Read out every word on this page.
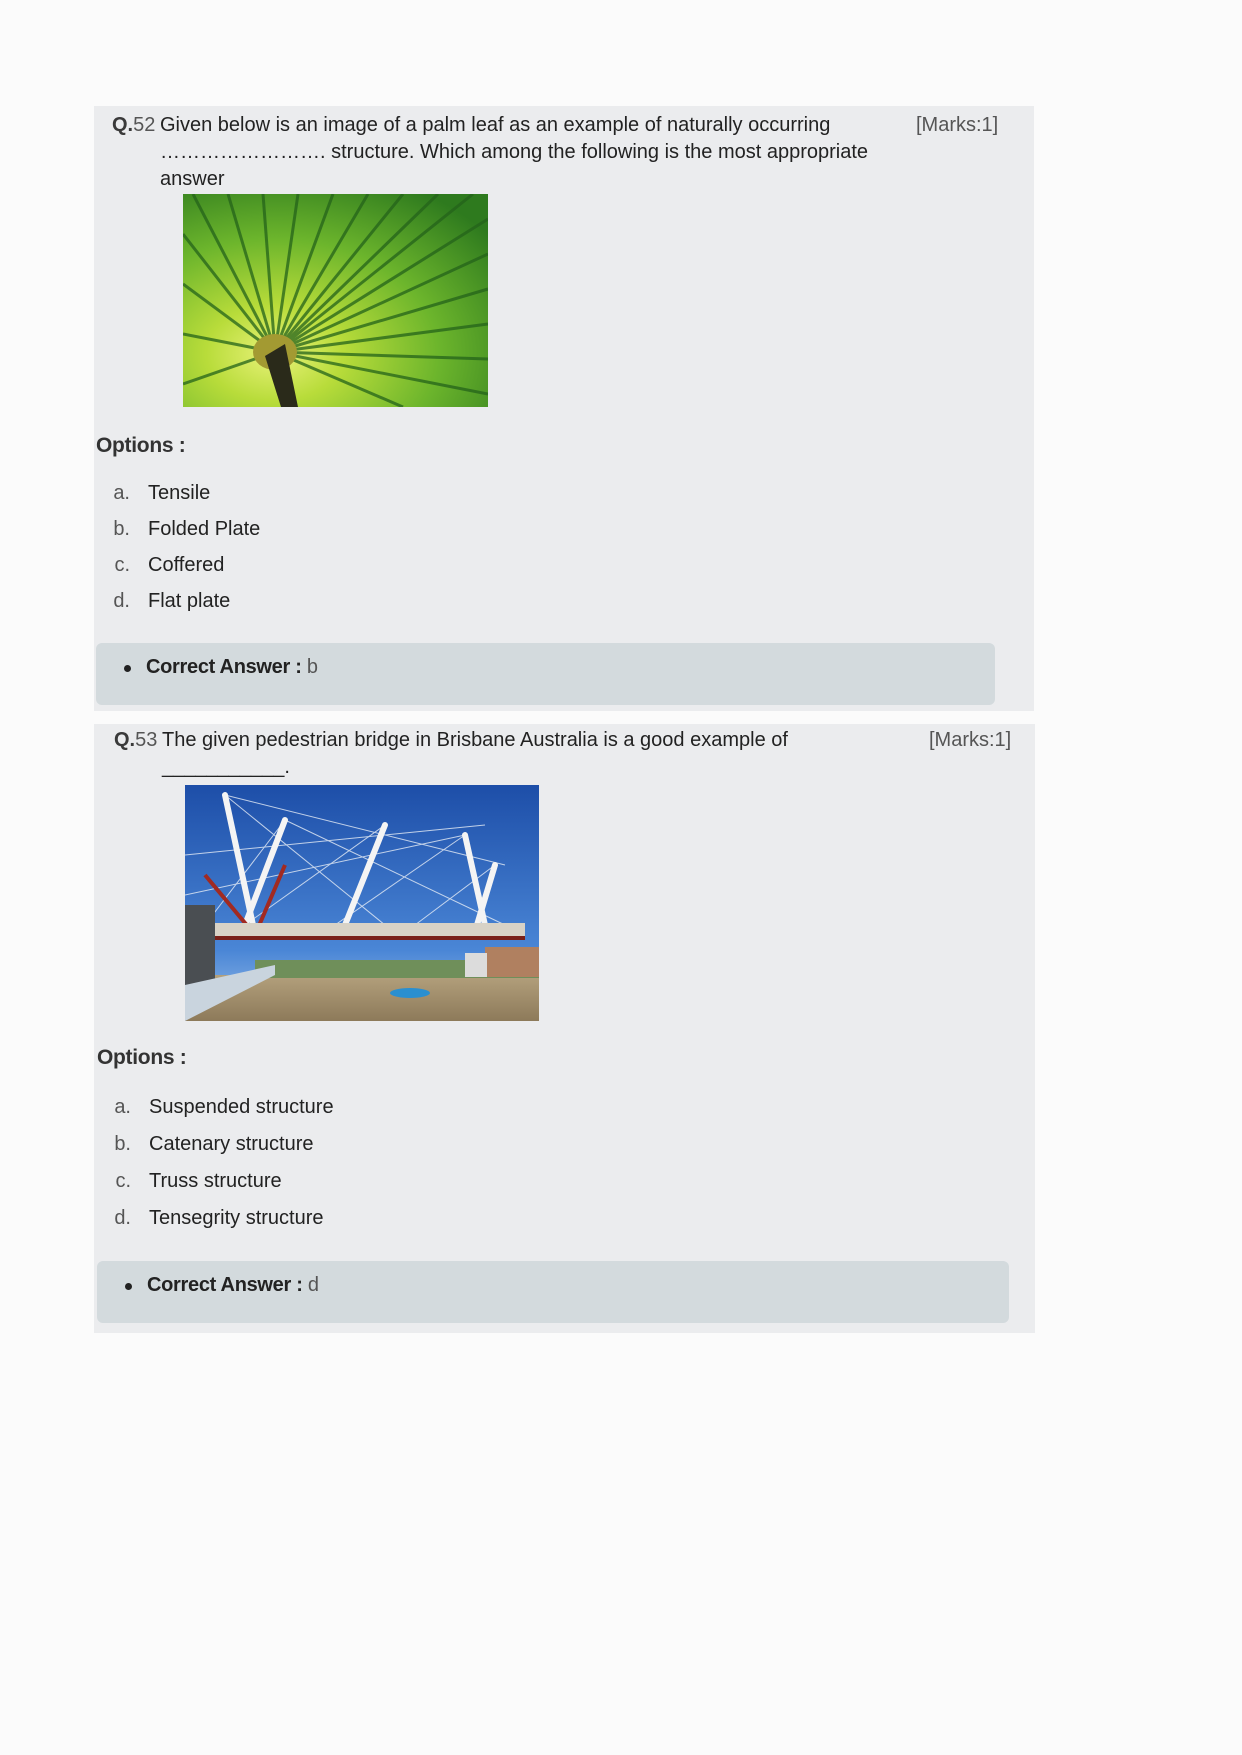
Q.52 Given below is an image of a palm leaf as an example of naturally occurring
……………………. structure. Which among the following is the most appropriate
answer
[Marks:1]
Options :
a. Tensile
b. Folded Plate
c. Coffered
d. Flat plate
Correct Answer : b
Q.53 The given pedestrian bridge in Brisbane Australia is a good example of
___________.
[Marks:1]
Options :
a. Suspended structure
b. Catenary structure
c. Truss structure
d. Tensegrity structure
Correct Answer : d
